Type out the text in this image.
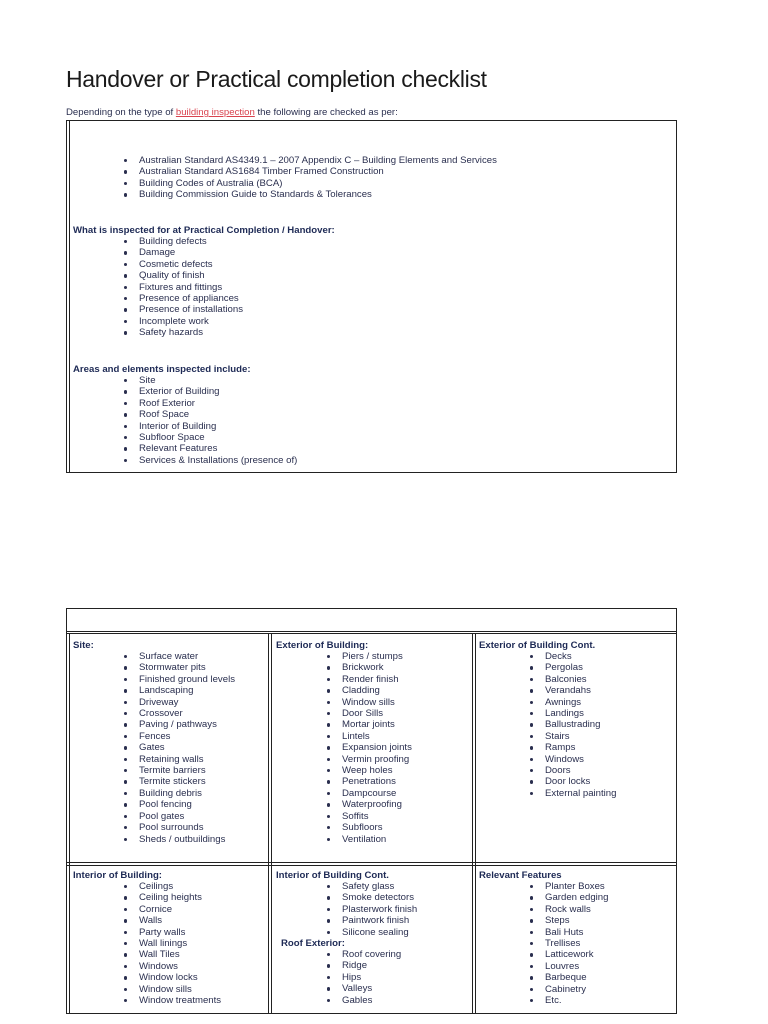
Handover or Practical completion checklist
Depending on the type of building inspection the following are checked as per:
Australian Standard AS4349.1 – 2007 Appendix C – Building Elements and Services
Australian Standard AS1684 Timber Framed Construction
Building Codes of Australia (BCA)
Building Commission Guide to Standards & Tolerances
What is inspected for at Practical Completion / Handover:
Building defects
Damage
Cosmetic defects
Quality of finish
Fixtures and fittings
Presence of appliances
Presence of installations
Incomplete work
Safety hazards
Areas and elements inspected include:
Site
Exterior of Building
Roof Exterior
Roof Space
Interior of Building
Subfloor Space
Relevant Features
Services & Installations (presence of)
Site:
Surface water
Stormwater pits
Finished ground levels
Landscaping
Driveway
Crossover
Paving / pathways
Fences
Gates
Retaining walls
Termite barriers
Termite stickers
Building debris
Pool fencing
Pool gates
Pool surrounds
Sheds / outbuildings
Exterior of Building:
Piers / stumps
Brickwork
Render finish
Cladding
Window sills
Door Sills
Mortar joints
Lintels
Expansion joints
Vermin proofing
Weep holes
Penetrations
Dampcourse
Waterproofing
Soffits
Subfloors
Ventilation
Exterior of Building Cont.
Decks
Pergolas
Balconies
Verandahs
Awnings
Landings
Ballustrading
Stairs
Ramps
Windows
Doors
Door locks
External painting
Interior of Building:
Ceilings
Ceiling heights
Cornice
Walls
Party walls
Wall linings
Wall Tiles
Windows
Window locks
Window sills
Window treatments
Interior of Building Cont.
Safety glass
Smoke detectors
Plasterwork finish
Paintwork finish
Silicone sealing
Roof Exterior:
Roof covering
Ridge
Hips
Valleys
Gables
Relevant Features
Planter Boxes
Garden edging
Rock walls
Steps
Bali Huts
Trellises
Latticework
Louvres
Barbeque
Cabinetry
Etc.
